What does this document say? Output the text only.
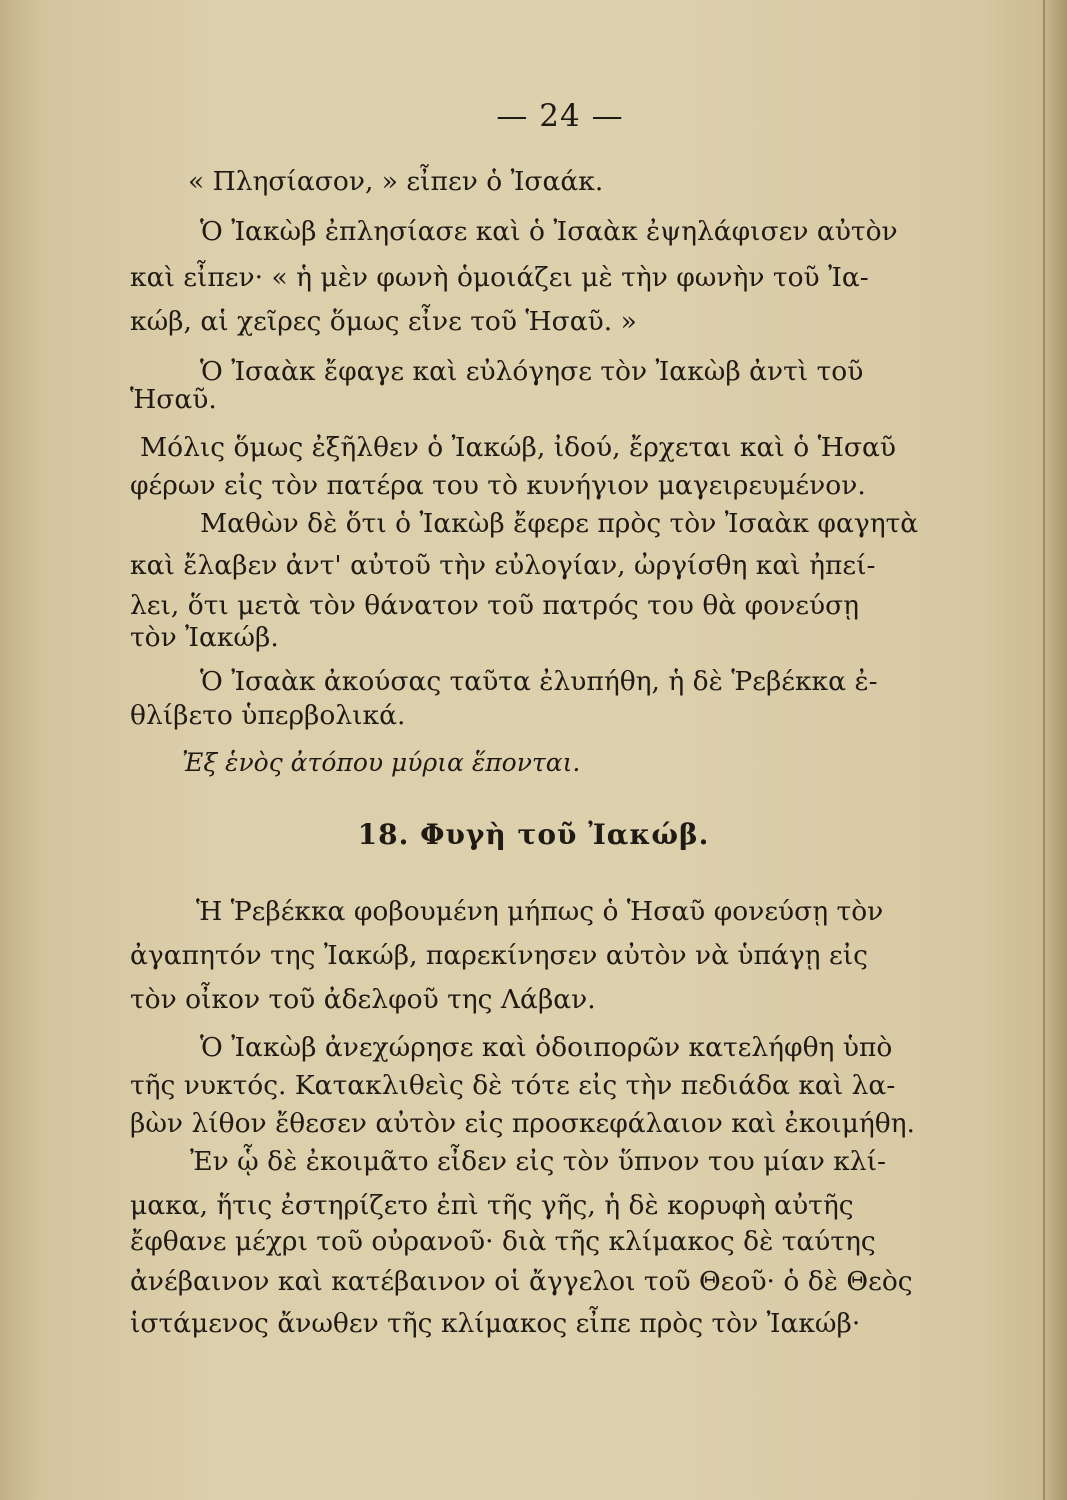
— 24 —
« Πλησίασον, » εἶπεν ὁ Ἰσαάκ.
Ὁ Ἰακὼβ ἐπλησίασε καὶ ὁ Ἰσαὰκ ἐψηλάφισεν αὐτὸν
καὶ εἶπεν· « ἡ μὲν φωνὴ ὁμοιάζει μὲ τὴν φωνὴν τοῦ Ἰα-
κώβ, αἱ χεῖρες ὅμως εἶνε τοῦ Ἡσαῦ. »
Ὁ Ἰσαὰκ ἔφαγε καὶ εὐλόγησε τὸν Ἰακὼβ ἀντὶ τοῦ
Ἡσαῦ.
Μόλις ὅμως ἐξῆλθεν ὁ Ἰακώβ, ἰδού, ἔρχεται καὶ ὁ Ἡσαῦ
φέρων εἰς τὸν πατέρα του τὸ κυνήγιον μαγειρευμένον.
Μαθὼν δὲ ὅτι ὁ Ἰακὼβ ἔφερε πρὸς τὸν Ἰσαὰκ φαγητὰ
καὶ ἔλαβεν ἀντ' αὐτοῦ τὴν εὐλογίαν, ὠργίσθη καὶ ἠπεί-
λει, ὅτι μετὰ τὸν θάνατον τοῦ πατρός του θὰ φονεύσῃ
τὸν Ἰακώβ.
Ὁ Ἰσαὰκ ἀκούσας ταῦτα ἐλυπήθη, ἡ δὲ Ῥεβέκκα ἐ-
θλίβετο ὑπερβολικά.
Ἐξ ἑνὸς ἀτόπου μύρια ἕπονται.
18. Φυγὴ τοῦ Ἰακώβ.
Ἡ Ῥεβέκκα φοβουμένη μήπως ὁ Ἡσαῦ φονεύσῃ τὸν
ἀγαπητόν της Ἰακώβ, παρεκίνησεν αὐτὸν νὰ ὑπάγῃ εἰς
τὸν οἶκον τοῦ ἀδελφοῦ της Λάβαν.
Ὁ Ἰακὼβ ἀνεχώρησε καὶ ὁδοιπορῶν κατελήφθη ὑπὸ
τῆς νυκτός. Κατακλιθεὶς δὲ τότε εἰς τὴν πεδιάδα καὶ λα-
βὼν λίθον ἔθεσεν αὐτὸν εἰς προσκεφάλαιον καὶ ἐκοιμήθη.
Ἐν ᾧ δὲ ἐκοιμᾶτο εἶδεν εἰς τὸν ὕπνον του μίαν κλί-
μακα, ἥτις ἐστηρίζετο ἐπὶ τῆς γῆς, ἡ δὲ κορυφὴ αὐτῆς
ἔφθανε μέχρι τοῦ οὐρανοῦ· διὰ τῆς κλίμακος δὲ ταύτης
ἀνέβαινον καὶ κατέβαινον οἱ ἄγγελοι τοῦ Θεοῦ· ὁ δὲ Θεὸς
ἱστάμενος ἄνωθεν τῆς κλίμακος εἶπε πρὸς τὸν Ἰακώβ·
